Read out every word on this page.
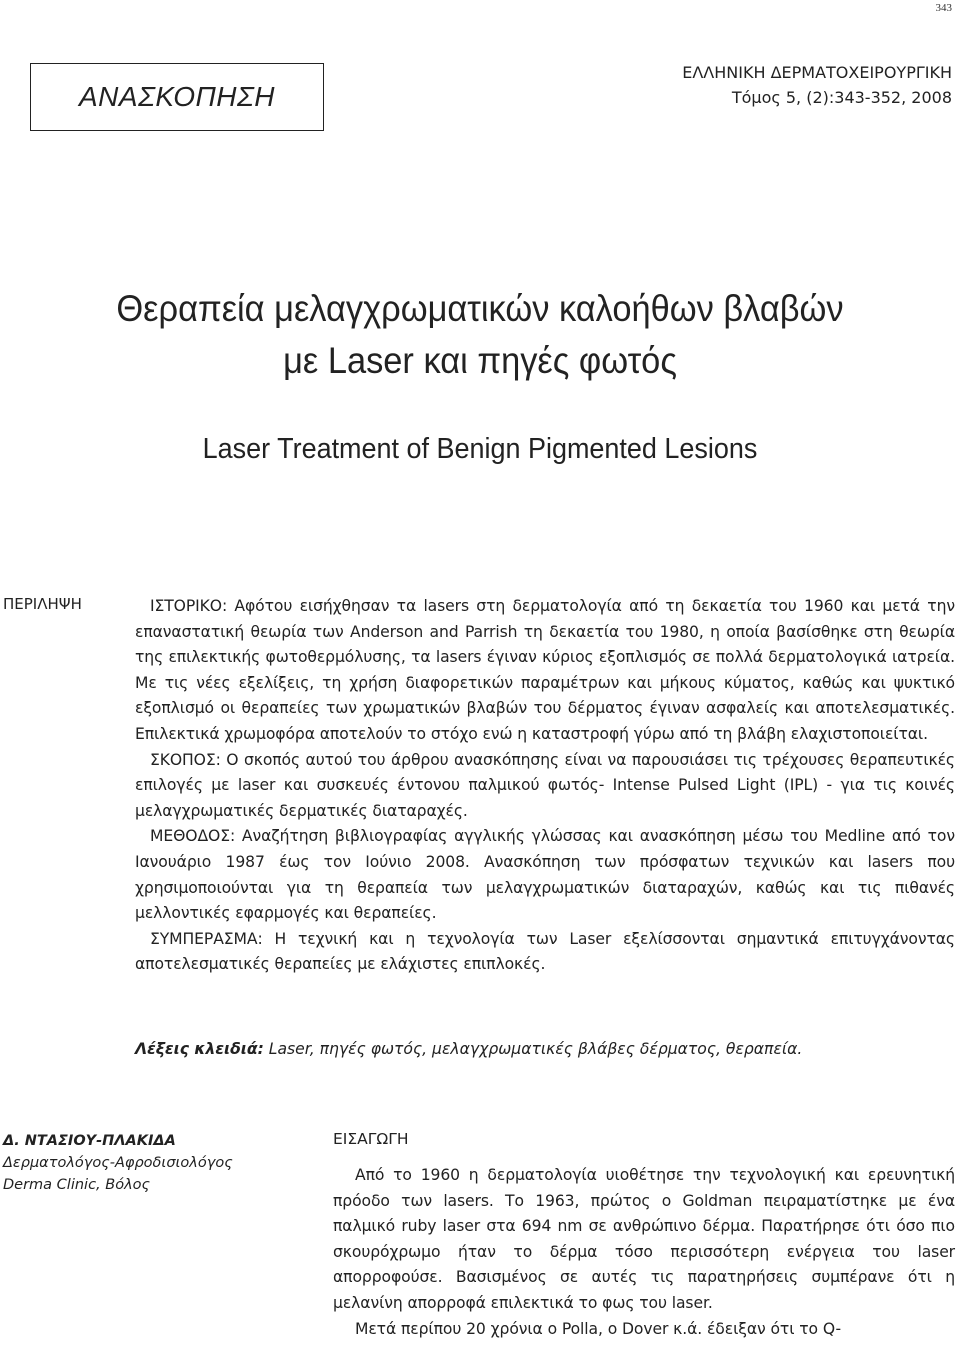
343
ΑΝΑΣΚΟΠΗΣΗ
ΕΛΛΗΝΙΚΗ ΔΕΡΜΑΤΟΧΕΙΡΟΥΡΓΙΚΗ
Τόμος 5, (2):343-352, 2008
Θεραπεία μελαγχρωματικών καλοήθων βλαβών
με Laser και πηγές φωτός
Laser Treatment of Benign Pigmented Lesions
ΠΕΡΙΛΗΨΗ	ΙΣΤΟΡΙΚΟ: Αφότου εισήχθησαν τα lasers στη δερματολογία από τη δεκαετία του 1960 και μετά την επαναστατική θεωρία των Anderson and Parrish τη δεκαετία του 1980, η οποία βασίσθηκε στη θεωρία της επιλεκτικής φωτοθερμόλυσης, τα lasers έγιναν κύριος εξοπλισμός σε πολλά δερματολογικά ιατρεία. Με τις νέες εξελίξεις, τη χρήση διαφορετικών παραμέτρων και μήκους κύματος, καθώς και ψυκτικό εξοπλισμό οι θεραπείες των χρωματικών βλαβών του δέρματος έγιναν ασφαλείς και αποτελεσματικές. Επιλεκτικά χρωμοφόρα αποτελούν το στόχο ενώ η καταστροφή γύρω από τη βλάβη ελαχιστοποιείται.

ΣΚΟΠΟΣ: Ο σκοπός αυτού του άρθρου ανασκόπησης είναι να παρουσιάσει τις τρέχουσες θεραπευτικές επιλογές με laser και συσκευές έντονου παλμικού φωτός- Intense Pulsed Light (IPL) - για τις κοινές μελαγχρωματικές δερματικές διαταραχές.

ΜΕΘΟΔΟΣ: Αναζήτηση βιβλιογραφίας αγγλικής γλώσσας και ανασκόπηση μέσω του Medline από τον Ιανουάριο 1987 έως τον Ιούνιο 2008. Ανασκόπηση των πρόσφατων τεχνικών και lasers που χρησιμοποιούνται για τη θεραπεία των μελαγχρωματικών διαταραχών, καθώς και τις πιθανές μελλοντικές εφαρμογές και θεραπείες.

ΣΥΜΠΕΡΑΣΜΑ: Η τεχνική και η τεχνολογία των Laser εξελίσσονται σημαντικά επιτυγχάνοντας αποτελεσματικές θεραπείες με ελάχιστες επιπλοκές.

Λέξεις κλειδιά: Laser, πηγές φωτός, μελαγχρωματικές βλάβες δέρματος, θεραπεία.
Δ. ΝΤΑΣΙΟΥ-ΠΛΑΚΙΔΑ
Δερματολόγος-Αφροδισιολόγος
Derma Clinic, Βόλος
ΕΙΣΑΓΩΓΗ

Από το 1960 η δερματολογία υιοθέτησε την τεχνολογική και ερευνητική πρόοδο των lasers. Το 1963, πρώτος ο Goldman πειραματίστηκε με ένα παλμικό ruby laser στα 694 nm σε ανθρώπινο δέρμα. Παρατήρησε ότι όσο πιο σκουρόχρωμο ήταν το δέρμα τόσο περισσότερη ενέργεια του laser απορροφούσε. Βασισμένος σε αυτές τις παρατηρήσεις συμπέρανε ότι η μελανίνη απορροφά επιλεκτικά το φως του laser.

Μετά περίπου 20 χρόνια ο Polla, ο Dover κ.ά. έδειξαν ότι το Q-
